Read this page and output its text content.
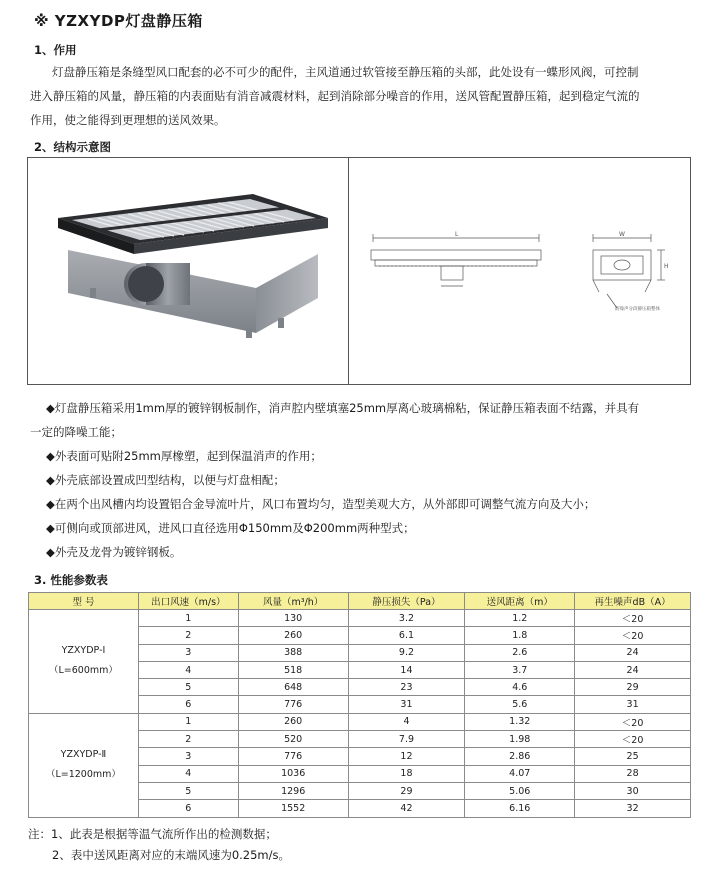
※ YZXYDP灯盘静压箱
1、作用
灯盘静压箱是条缝型风口配套的必不可少的配件，主风道通过软管接至静压箱的头部，此处设有一蝶形风阀，可控制
进入静压箱的风量，静压箱的内表面贴有消音减震材料，起到消除部分噪音的作用，送风管配置静压箱，起到稳定气流的
作用，使之能得到更理想的送风效果。
2、结构示意图
L	W
H
防噪声分段静压箱整体
◆灯盘静压箱采用1mm厚的镀锌钢板制作，消声腔内壁填塞25mm厚离心玻璃棉粘，保证静压箱表面不结露，并具有
一定的降噪工能；
◆外表面可贴附25mm厚橡塑，起到保温消声的作用；
◆外壳底部设置成凹型结构，以便与灯盘相配；
◆在两个出风槽内均设置铝合金导流叶片，风口布置均匀，造型美观大方，从外部即可调整气流方向及大小；
◆可侧向或顶部进风，进风口直径选用Φ150mm及Φ200mm两种型式；
◆外壳及龙骨为镀锌钢板。
3. 性能参数表
型 号	出口风速（m/s）	风量（m³/h）	静压损失（Pa）	送风距离（m）	再生噪声dB（A）

YZXYDP-Ⅰ
（L=600mm）	1	130	3.2	1.2	＜20
	2	260	6.1	1.8	＜20
	3	388	9.2	2.6	24
	4	518	14	3.7	24
	5	648	23	4.6	29
	6	776	31	5.6	31

YZXYDP-Ⅱ
（L=1200mm）	1	260	4	1.32	＜20
	2	520	7.9	1.98	＜20
	3	776	12	2.86	25
	4	1036	18	4.07	28
	5	1296	29	5.06	30
	6	1552	42	6.16	32
注：1、此表是根据等温气流所作出的检测数据；
2、表中送风距离对应的末端风速为0.25m/s。
